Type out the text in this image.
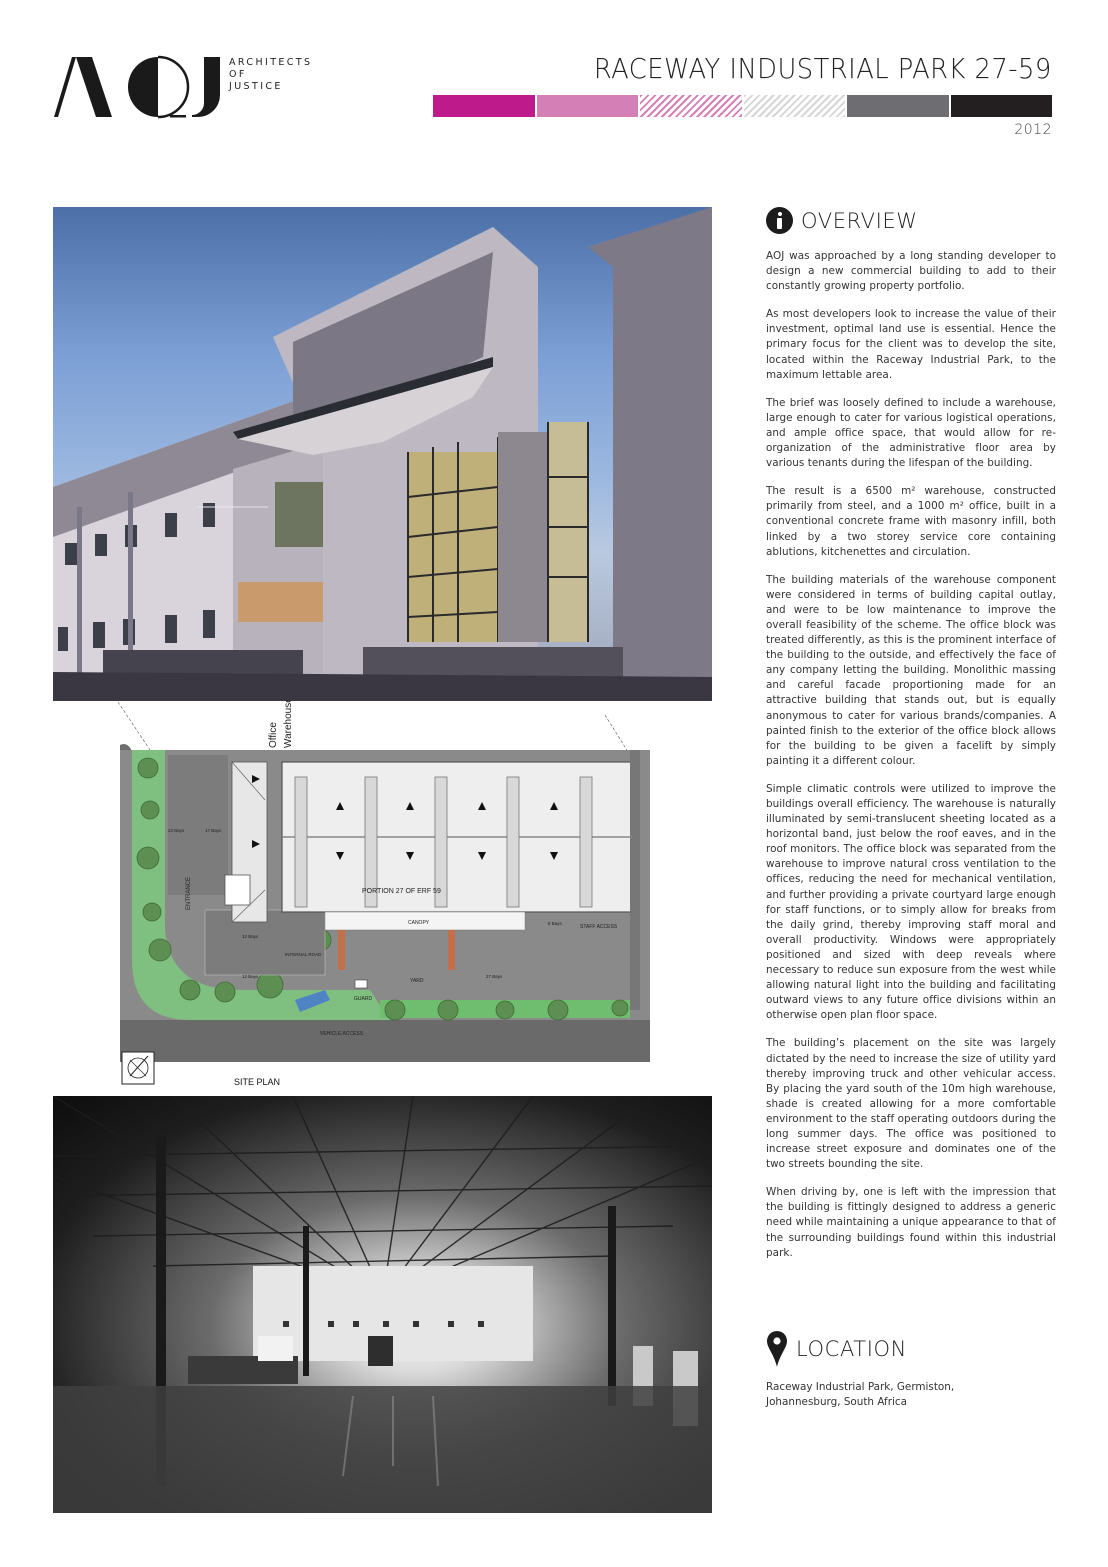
ARCHITECTS
OF
JUSTICE
RACEWAY INDUSTRIAL PARK 27-59
2012
PORTION 27 OF ERF 59
CANOPY
YARD
STAFF ACCESS
GUARD
VEHICLE ACCESS
23 Bays	17 Bays
12 Bays
12 Bays
8 Bays
27 Bays
INTERNAL ROAD
Office Warehouse
ENTRANCE
SITE PLAN
OVERVIEW

AOJ was approached by a long standing developer to design a new commercial building to add to their constantly growing property portfolio.

As most developers look to increase the value of their investment, optimal land use is essential. Hence the primary focus for the client was to develop the site, located within the Raceway Industrial Park, to the maximum lettable area.

The brief was loosely defined to include a warehouse, large enough to cater for various logistical operations, and ample office space, that would allow for re-organization of the administrative floor area by various tenants during the lifespan of the building.

The result is a 6500 m² warehouse, constructed primarily from steel, and a 1000 m² office, built in a conventional concrete frame with masonry infill, both linked by a two storey service core containing ablutions, kitchenettes and circulation.

The building materials of the warehouse component were considered in terms of building capital outlay, and were to be low maintenance to improve the overall feasibility of the scheme. The office block was treated differently, as this is the prominent interface of the building to the outside, and effectively the face of any company letting the building. Monolithic massing and careful facade proportioning made for an attractive building that stands out, but is equally anonymous to cater for various brands/companies. A painted finish to the exterior of the office block allows for the building to be given a facelift by simply painting it a different colour.

Simple climatic controls were utilized to improve the buildings overall efficiency. The warehouse is naturally illuminated by semi-translucent sheeting located as a horizontal band, just below the roof eaves, and in the roof monitors. The office block was separated from the warehouse to improve natural cross ventilation to the offices, reducing the need for mechanical ventilation, and further providing a private courtyard large enough for staff functions, or to simply allow for breaks from the daily grind, thereby improving staff moral and overall productivity. Windows were appropriately positioned and sized with deep reveals where necessary to reduce sun exposure from the west while allowing natural light into the building and facilitating outward views to any future office divisions within an otherwise open plan floor space.

The building’s placement on the site was largely dictated by the need to increase the size of utility yard thereby improving truck and other vehicular access. By placing the yard south of the 10m high warehouse, shade is created allowing for a more comfortable environment to the staff operating outdoors during the long summer days. The office was positioned to increase street exposure and dominates one of the two streets bounding the site.

When driving by, one is left with the impression that the building is fittingly designed to address a generic need while maintaining a unique appearance to that of the surrounding buildings found within this industrial park.

LOCATION
Raceway Industrial Park, Germiston,
Johannesburg, South Africa
